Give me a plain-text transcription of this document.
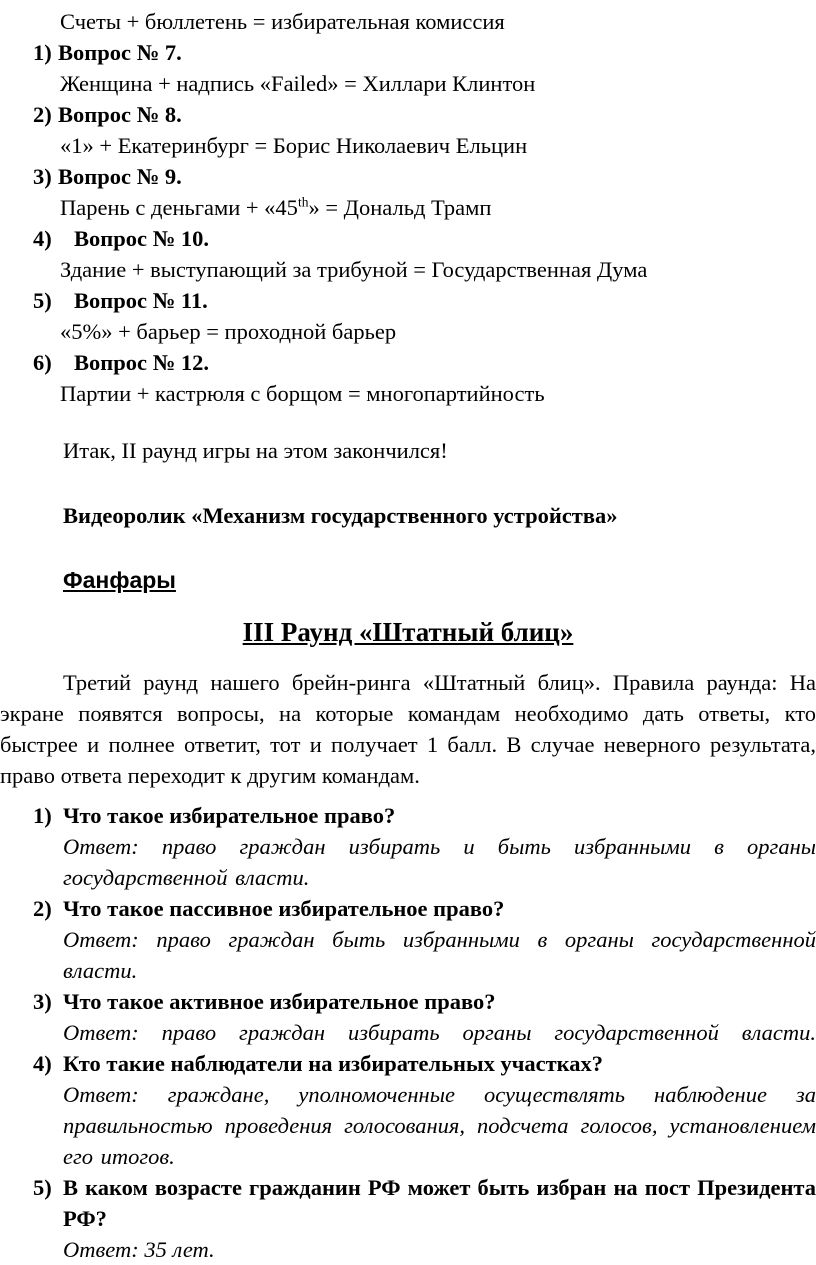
Счеты + бюллетень = избирательная комиссия
1) Вопрос № 7.
Женщина + надпись «Failed» = Хиллари Клинтон
2) Вопрос № 8.
«1» + Екатеринбург = Борис Николаевич Ельцин
3) Вопрос № 9.
Парень с деньгами + «45th» = Дональд Трамп
4) Вопрос № 10.
Здание + выступающий за трибуной = Государственная Дума
5) Вопрос № 11.
«5%» + барьер = проходной барьер
6) Вопрос № 12.
Партии + кастрюля с борщом = многопартийность
Итак, II раунд игры на этом закончился!
Видеоролик «Механизм государственного устройства»
Фанфары
III Раунд «Штатный блиц»
Третий раунд нашего брейн-ринга «Штатный блиц». Правила раунда: На экране появятся вопросы, на которые командам необходимо дать ответы, кто быстрее и полнее ответит, тот и получает 1 балл. В случае неверного результата, право ответа переходит к другим командам.
1) Что такое избирательное право?
Ответ: право граждан избирать и быть избранными в органы государственной власти.
2) Что такое пассивное избирательное право?
Ответ: право граждан быть избранными в органы государственной власти.
3) Что такое активное избирательное право?
Ответ: право граждан избирать органы государственной власти.
4) Кто такие наблюдатели на избирательных участках?
Ответ: граждане, уполномоченные осуществлять наблюдение за правильностью проведения голосования, подсчета голосов, установлением его итогов.
5) В каком возрасте гражданин РФ может быть избран на пост Президента РФ?
Ответ: 35 лет.
